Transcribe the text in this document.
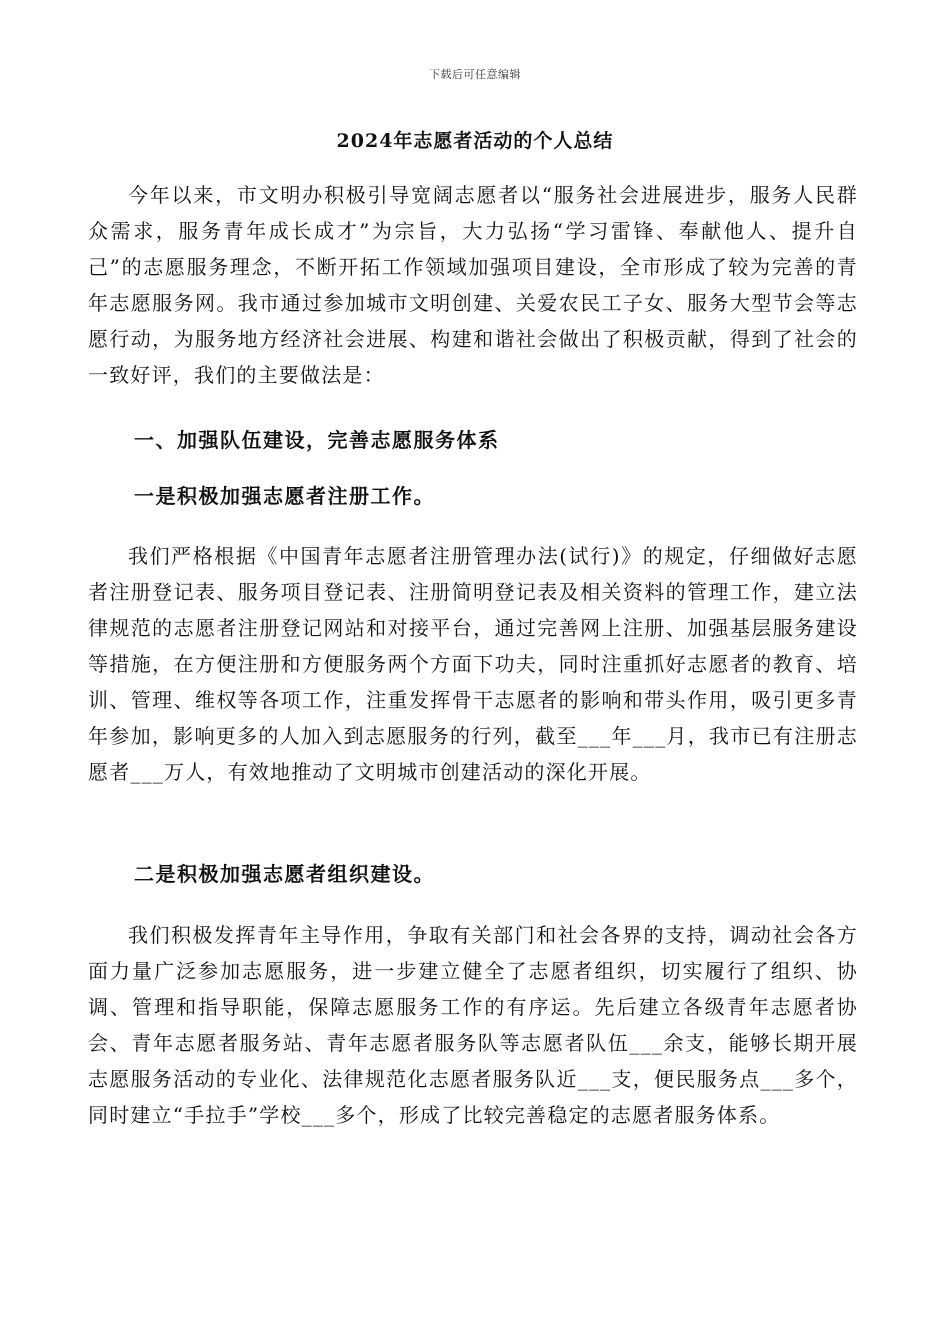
下载后可任意编辑
2024年志愿者活动的个人总结

今年以来，市文明办积极引导宽阔志愿者以“服务社会进展进步，服务人民群众需求，服务青年成长成才”为宗旨，大力弘扬“学习雷锋、奉献他人、提升自己”的志愿服务理念，不断开拓工作领域加强项目建设，全市形成了较为完善的青年志愿服务网。我市通过参加城市文明创建、关爱农民工子女、服务大型节会等志愿行动，为服务地方经济社会进展、构建和谐社会做出了积极贡献，得到了社会的一致好评，我们的主要做法是：

一、加强队伍建设，完善志愿服务体系

一是积极加强志愿者注册工作。

我们严格根据《中国青年志愿者注册管理办法(试行)》的规定，仔细做好志愿者注册登记表、服务项目登记表、注册简明登记表及相关资料的管理工作，建立法律规范的志愿者注册登记网站和对接平台，通过完善网上注册、加强基层服务建设等措施，在方便注册和方便服务两个方面下功夫，同时注重抓好志愿者的教育、培训、管理、维权等各项工作，注重发挥骨干志愿者的影响和带头作用，吸引更多青年参加，影响更多的人加入到志愿服务的行列，截至___年___月，我市已有注册志愿者___万人，有效地推动了文明城市创建活动的深化开展。

二是积极加强志愿者组织建设。

我们积极发挥青年主导作用，争取有关部门和社会各界的支持，调动社会各方面力量广泛参加志愿服务，进一步建立健全了志愿者组织，切实履行了组织、协调、管理和指导职能，保障志愿服务工作的有序运。先后建立各级青年志愿者协会、青年志愿者服务站、青年志愿者服务队等志愿者队伍___余支，能够长期开展志愿服务活动的专业化、法律规范化志愿者服务队近___支，便民服务点___多个，同时建立“手拉手”学校___多个，形成了比较完善稳定的志愿者服务体系。
